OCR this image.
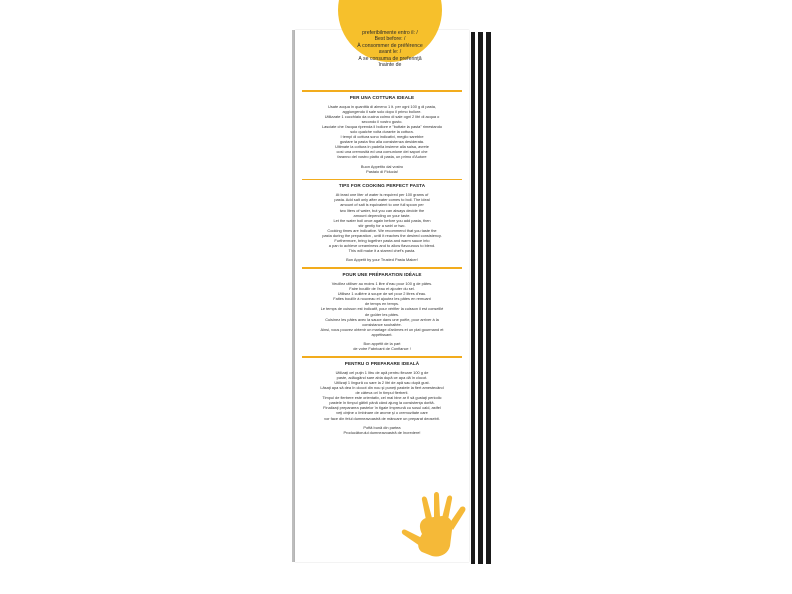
preferibilmente entro il: /
Best before: /
À consommer de préférence
avant le: /
A se consuma de preferinţă
înainte de
PER UNA COTTURA IDEALE
Usate acqua in quantità di almeno 1 lt. per ogni 100 g di pasta,
aggiungendo il sale solo dopo il primo bollore.
Utilizzate 1 cucchiaio da cucina colmo di sale ogni 2 litri di acqua o
secondo il vostro gusto.
Lasciate che l'acqua riprenda il bollore e "buttate la pasta" rimestando
solo qualche volta durante la cottura.
I tempi di cottura sono indicativi, meglio sarebbe
gustare la pasta fino alla consistenza desiderata.
Ultimate la cottura in padella insieme alla salsa, avrete
così una cremosità ed una comunione dei sapori che
faranno del vostro piatto di pasta, un primo d'Autore
Buon Appetito dal vostro
Pastaio di Fiducia!
TIPS FOR COOKING PERFECT PASTA
At least one liter of water is required per 100 grams of
pasta. Add salt only after water comes to boil. The ideal
amount of salt is equivalent to one full spoon per
two liters of water, but you can always decide the
amount depending on your taste.
Let the water boil once again before you add pasta, then
stir gently for a swirl or two.
Cooking times are indicative. We recommend that you taste the
pasta during the preparation , until it reaches the desired consistency.
Furthermore, bring together pasta and warm sauce into
a pan to achieve creaminess and to allow flavourous to blend.
This will make it a starred chef's pasta.
Bon Appetit by your Trusted Pasta Maker!
POUR UNE PRÉPARATION IDÉALE
Veuillez utiliser au moins 1 litre d'eau pour 100 g de pâtes.
Faire bouillir de l'eau et ajouter du sel.
Utilisez 1 cuillère à soupe de sel pour 2 litres d'eau.
Faites bouillir à nouveau et ajoutez les pâtes en remuant
de temps en temps.
Le temps de cuisson est indicatif, pour vérifier la cuisson il est conseillé
de goûter les pâtes.
Cuisinez les pâtes avec la sauce dans une poêle, pour arriver à la
consistance souhaitée.
Ainsi, vous pouvez obtenir un mariage d'arômes et un plat gourmand et
appétissant.
Bon appétit de la part
de votre Fabricant de Confiance !
PENTRU O PREPARARE IDEALĂ
Utilizaţi cel puţin 1 litru de apă pentru fiecare 100 g de
paste, adăugând sare abia după ce apa dă în clocot.
Utilizaţi 1 lingură cu sare la 2 litri de apă sau după gust.
Lăsaţi apa să dea în clocot din nou şi puneţi pastele la fiert amestecând
de câteva ori în timpul fierberii.
Timpul de fierbere este orientativ, cel mai bine ar fi să gustaţi periodic
pastele în timpul gătirii până când ajung la consistenţa dorită.
Finalizaţi prepararea pastelor în tigaie împreună cu sosul cald, astfel
veţi obţine o îmbinare de arome şi o cremozitate care
vor face din felul dumneavoastră de mâncare un preparat deosebit.
Poftă bună din partea
Producătorului dumneavoastră de încredere!
